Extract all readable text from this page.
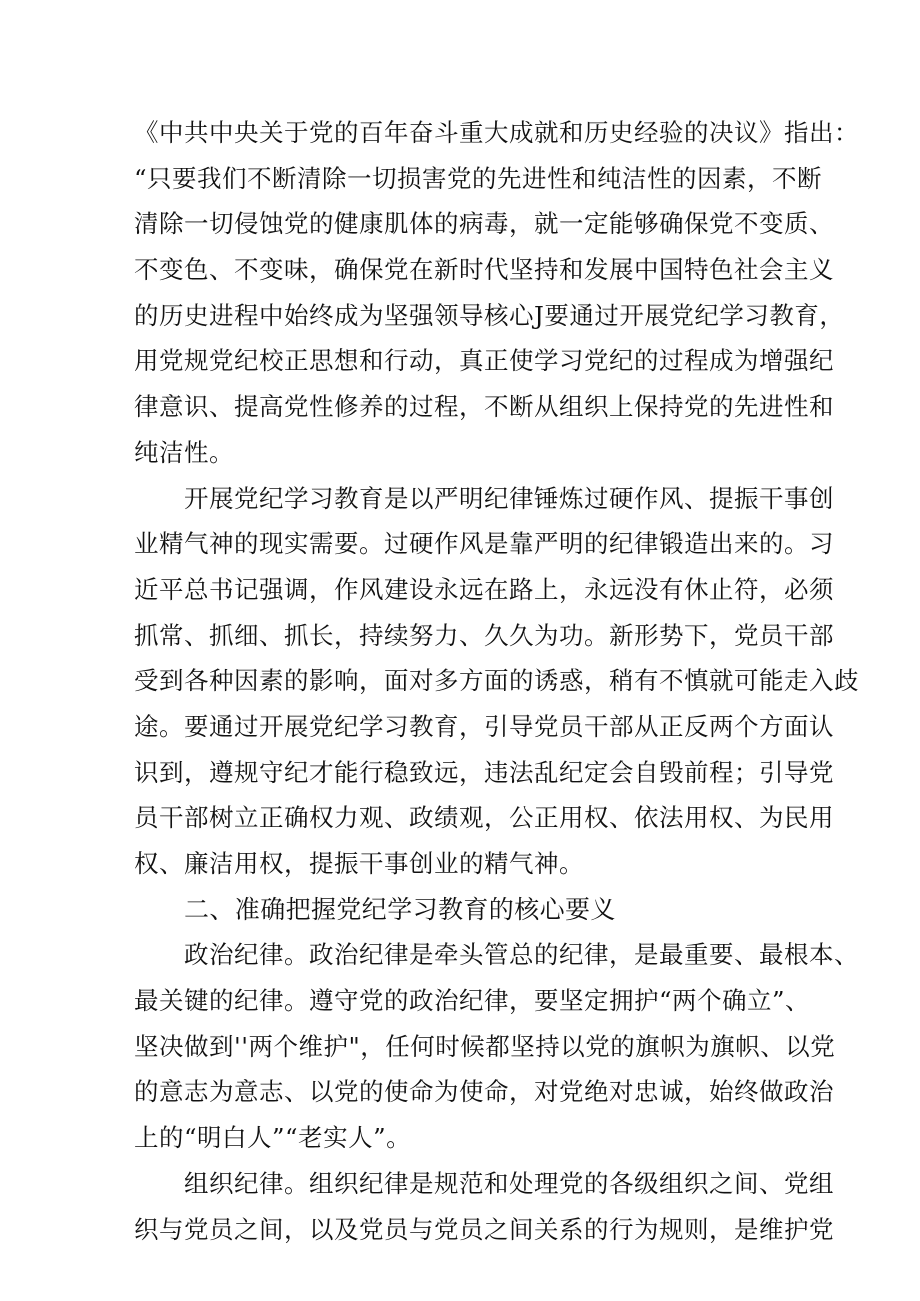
《中共中央关于党的百年奋斗重大成就和历史经验的决议》指出：
“只要我们不断清除一切损害党的先进性和纯洁性的因素，不断
清除一切侵蚀党的健康肌体的病毒，就一定能够确保党不变质、
不变色、不变味，确保党在新时代坚持和发展中国特色社会主义
的历史进程中始终成为坚强领导核心J要通过开展党纪学习教育，
用党规党纪校正思想和行动，真正使学习党纪的过程成为增强纪
律意识、提高党性修养的过程，不断从组织上保持党的先进性和
纯洁性。
开展党纪学习教育是以严明纪律锤炼过硬作风、提振干事创
业精气神的现实需要。过硬作风是靠严明的纪律锻造出来的。习
近平总书记强调，作风建设永远在路上，永远没有休止符，必须
抓常、抓细、抓长，持续努力、久久为功。新形势下，党员干部
受到各种因素的影响，面对多方面的诱惑，稍有不慎就可能走入歧
途。要通过开展党纪学习教育，引导党员干部从正反两个方面认
识到，遵规守纪才能行稳致远，违法乱纪定会自毁前程；引导党
员干部树立正确权力观、政绩观，公正用权、依法用权、为民用
权、廉洁用权，提振干事创业的精气神。
二、准确把握党纪学习教育的核心要义
政治纪律。政治纪律是牵头管总的纪律，是最重要、最根本、
最关键的纪律。遵守党的政治纪律，要坚定拥护“两个确立”、
坚决做到''两个维护"，任何时候都坚持以党的旗帜为旗帜、以党
的意志为意志、以党的使命为使命，对党绝对忠诚，始终做政治
上的“明白人”“老实人”。
组织纪律。组织纪律是规范和处理党的各级组织之间、党组
织与党员之间，以及党员与党员之间关系的行为规则，是维护党
